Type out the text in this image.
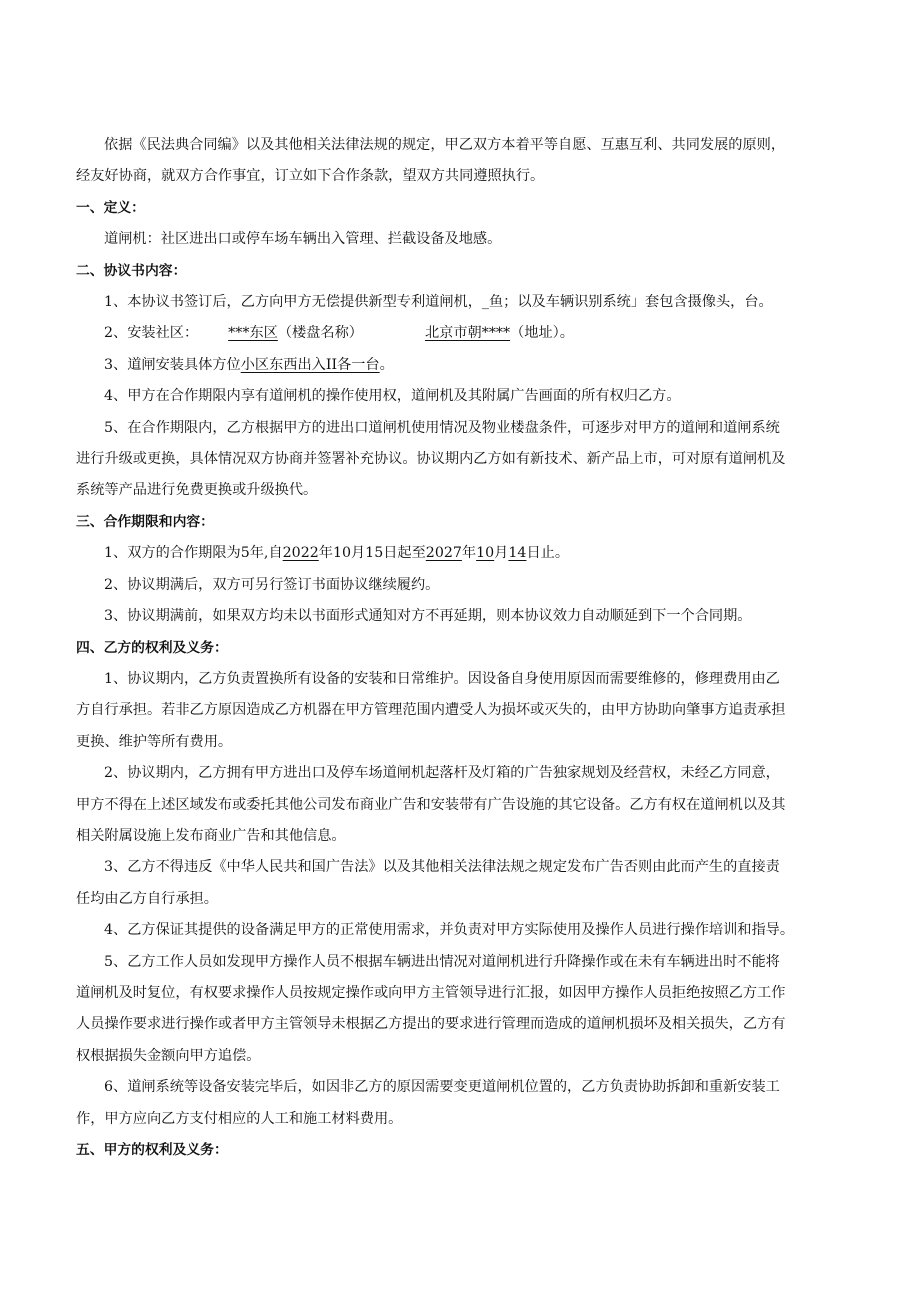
依据《民法典合同编》以及其他相关法律法规的规定，甲乙双方本着平等自愿、互惠互利、共同发展的原则，

经友好协商，就双方合作事宜，订立如下合作条款，望双方共同遵照执行。

一、定义：

道闸机：社区进出口或停车场车辆出入管理、拦截设备及地感。

二、协议书内容：

1、本协议书签订后，乙方向甲方无偿提供新型专利道闸机，_鱼；以及车辆识别系统」套包含摄像头，台。

2、安装社区： ***东区（楼盘名称）	北京市朝****（地址）。

3、道闸安装具体方位小区东西出入II各一台。

4、甲方在合作期限内享有道闸机的操作使用权，道闸机及其附属广告画面的所有权归乙方。

5、在合作期限内，乙方根据甲方的进出口道闸机使用情况及物业楼盘条件，可逐步对甲方的道闸和道闸系统

进行升级或更换，具体情况双方协商并签署补充协议。协议期内乙方如有新技术、新产品上市，可对原有道闸机及

系统等产品进行免费更换或升级换代。

三、合作期限和内容：

1、双方的合作期限为5年,自2022年10月15日起至2027年10月14日止。

2、协议期满后，双方可另行签订书面协议继续履约。

3、协议期满前，如果双方均未以书面形式通知对方不再延期，则本协议效力自动顺延到下一个合同期。

四、乙方的权利及义务：

1、协议期内，乙方负责置换所有设备的安装和日常维护。因设备自身使用原因而需要维修的，修理费用由乙

方自行承担。若非乙方原因造成乙方机器在甲方管理范围内遭受人为损坏或灭失的，由甲方协助向肇事方追责承担

更换、维护等所有费用。

2、协议期内，乙方拥有甲方进出口及停车场道闸机起落杆及灯箱的广告独家规划及经营权，未经乙方同意，

甲方不得在上述区域发布或委托其他公司发布商业广告和安装带有广告设施的其它设备。乙方有权在道闸机以及其

相关附属设施上发布商业广告和其他信息。

3、乙方不得违反《中华人民共和国广告法》以及其他相关法律法规之规定发布广告否则由此而产生的直接责

任均由乙方自行承担。

4、乙方保证其提供的设备满足甲方的正常使用需求，并负责对甲方实际使用及操作人员进行操作培训和指导。

5、乙方工作人员如发现甲方操作人员不根据车辆进出情况对道闸机进行升降操作或在未有车辆进出时不能将

道闸机及时复位，有权要求操作人员按规定操作或向甲方主管领导进行汇报，如因甲方操作人员拒绝按照乙方工作

人员操作要求进行操作或者甲方主管领导未根据乙方提出的要求进行管理而造成的道闸机损坏及相关损失，乙方有

权根据损失金额向甲方追偿。

6、道闸系统等设备安装完毕后，如因非乙方的原因需要变更道闸机位置的，乙方负责协助拆卸和重新安装工

作，甲方应向乙方支付相应的人工和施工材料费用。

五、甲方的权利及义务：
